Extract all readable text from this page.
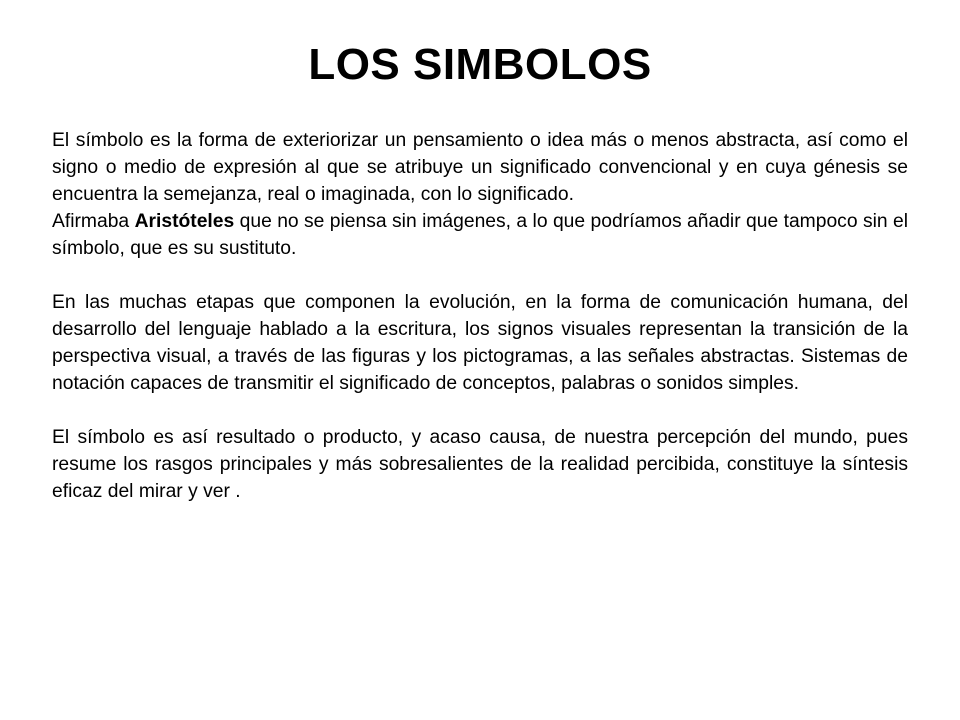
LOS SIMBOLOS

El símbolo es la forma de exteriorizar un pensamiento o idea más o menos abstracta, así como el signo o medio de expresión al que se atribuye un significado convencional y en cuya génesis se encuentra la semejanza, real o imaginada, con lo significado.

Afirmaba Aristóteles que no se piensa sin imágenes, a lo que podríamos añadir que tampoco sin el símbolo, que es su sustituto.

En las muchas etapas que componen la evolución, en la forma de comunicación humana, del desarrollo del lenguaje hablado a la escritura, los signos visuales representan la transición de la perspectiva visual, a través de las figuras y los pictogramas, a las señales abstractas. Sistemas de notación capaces de transmitir el significado de conceptos, palabras o sonidos simples.

El símbolo es así resultado o producto, y acaso causa, de nuestra percepción del mundo, pues resume los rasgos principales y más sobresalientes de la realidad percibida, constituye la síntesis eficaz del mirar y ver .
